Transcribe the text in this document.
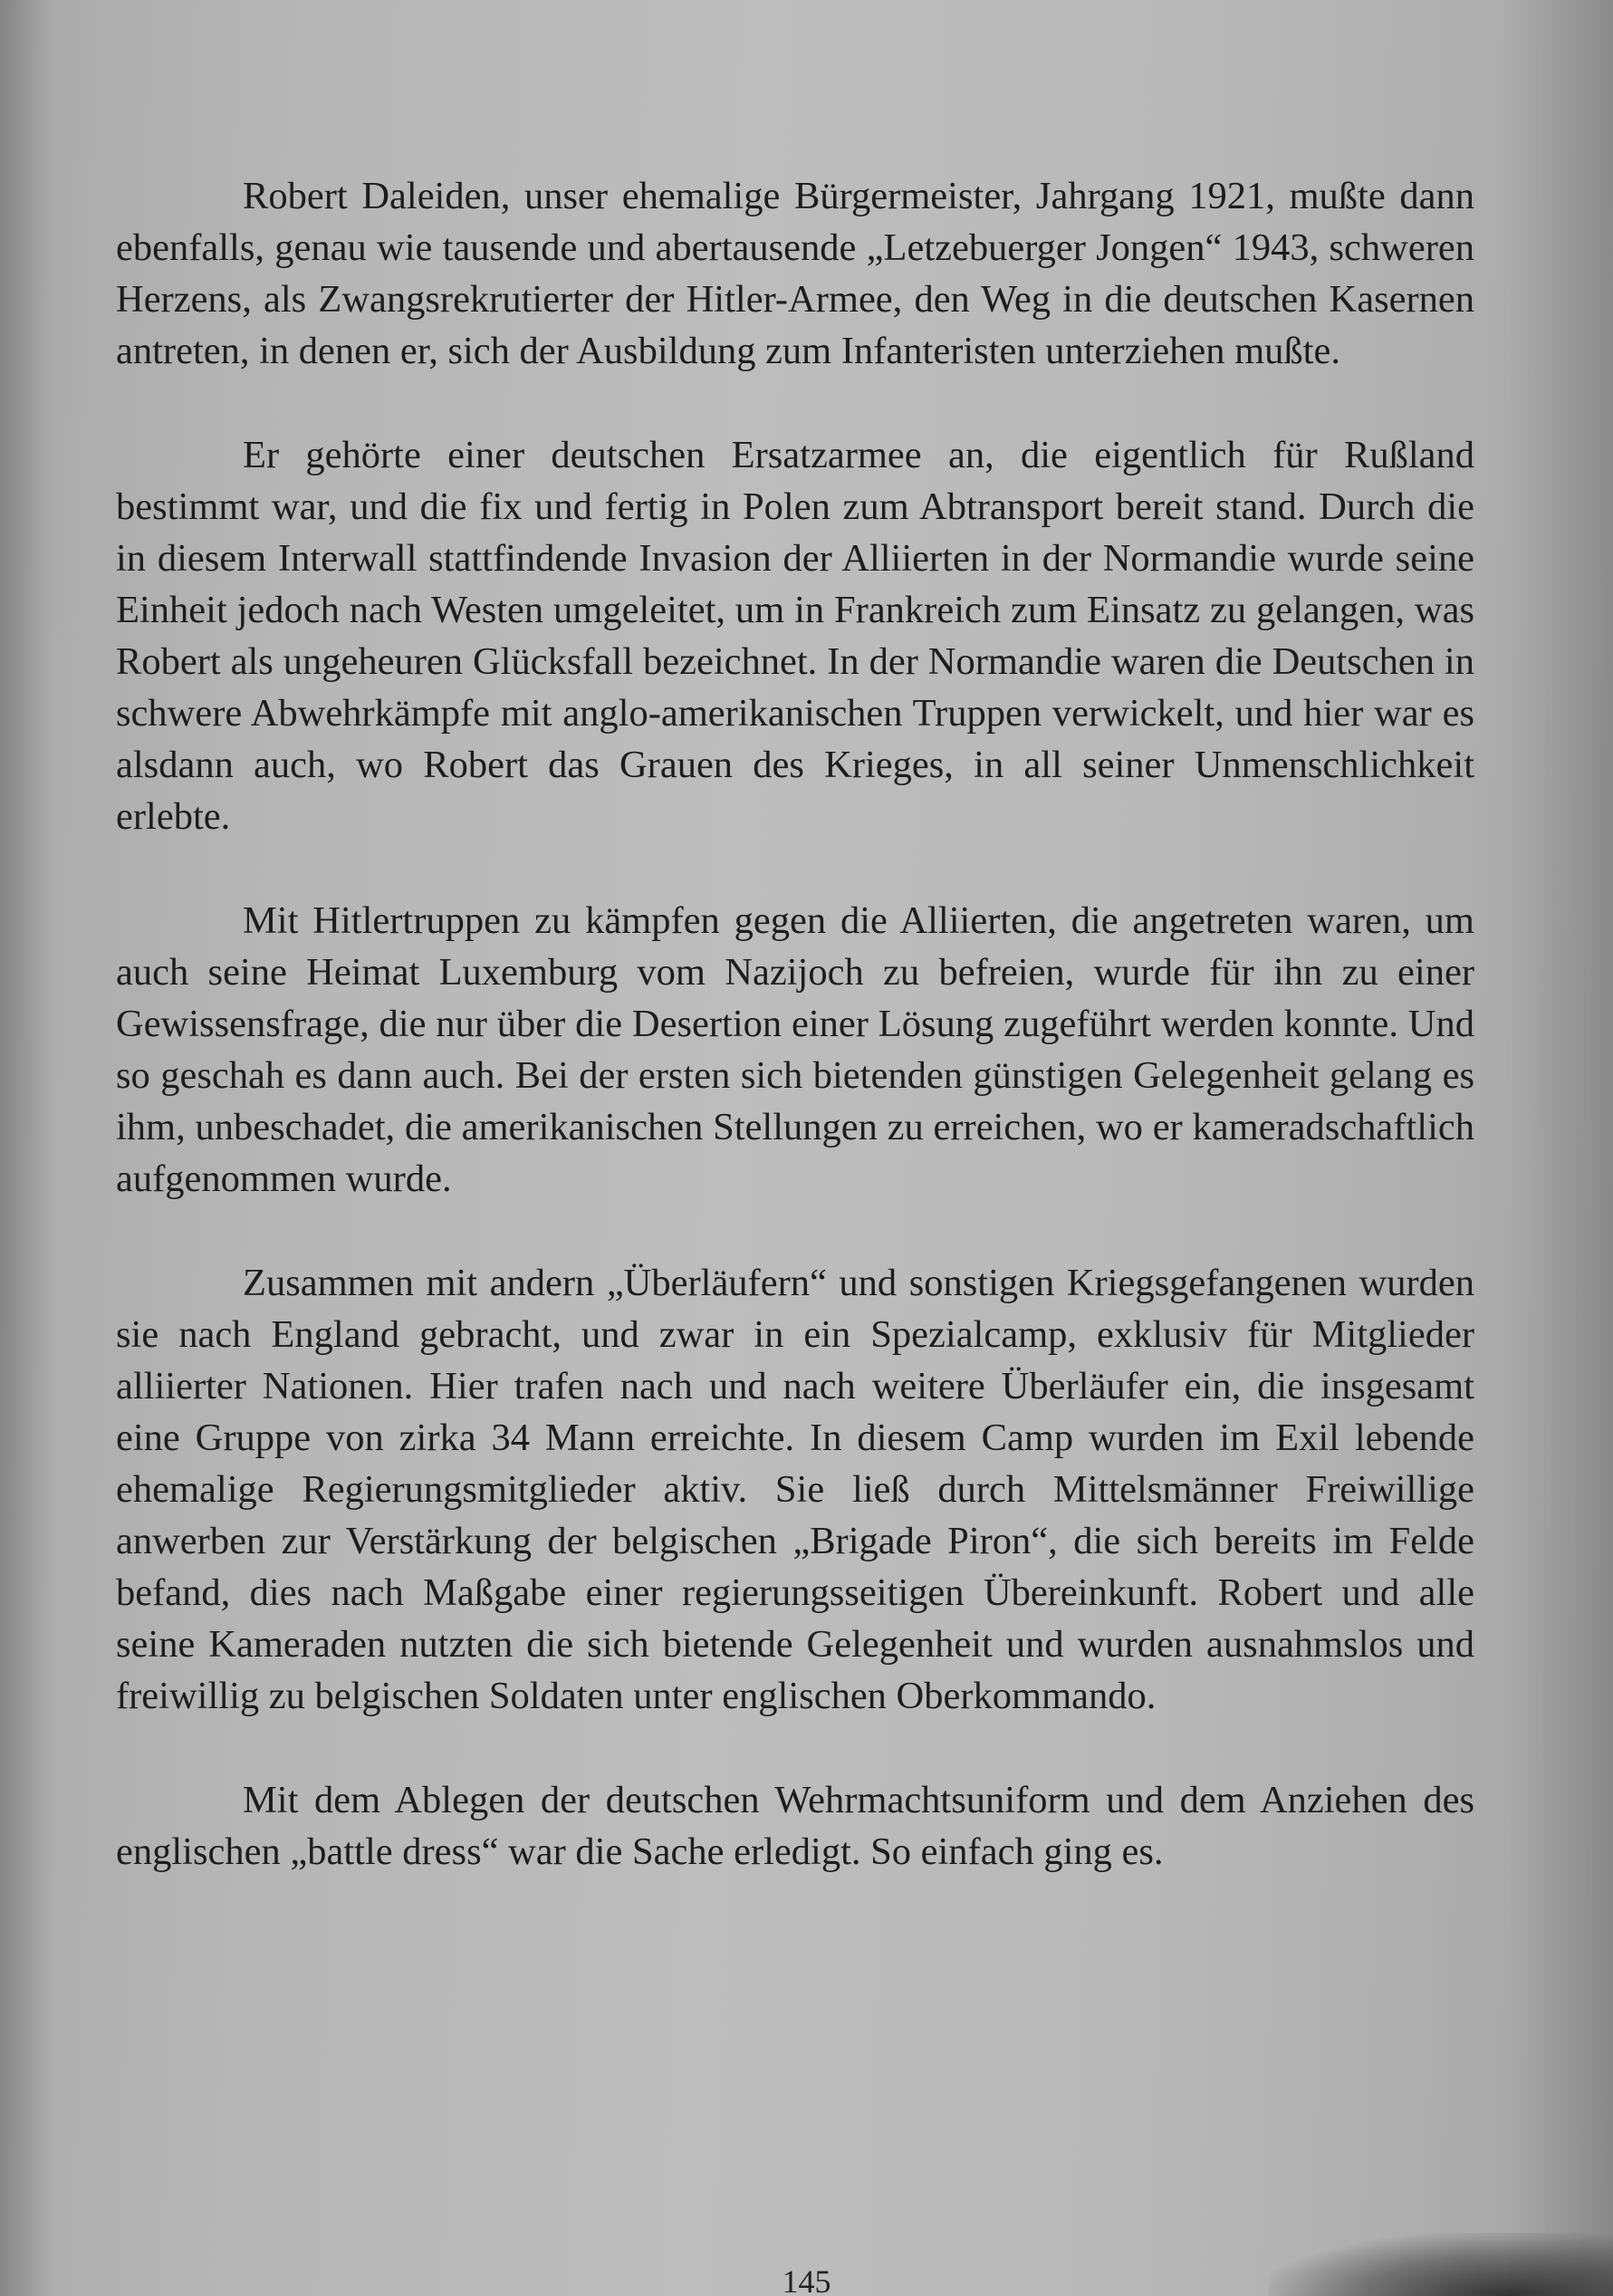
Robert Daleiden, unser ehemalige Bürgermeister, Jahrgang 1921, mußte dann ebenfalls, genau wie tausende und abertausende „Letzebuerger Jongen“ 1943, schweren Herzens, als Zwangsrekrutierter der Hitler-Armee, den Weg in die deutschen Kasernen antreten, in denen er, sich der Ausbildung zum Infanteristen unterziehen mußte.

Er gehörte einer deutschen Ersatzarmee an, die eigentlich für Rußland bestimmt war, und die fix und fertig in Polen zum Abtransport bereit stand. Durch die in diesem Interwall stattfindende Invasion der Alliierten in der Normandie wurde seine Einheit jedoch nach Westen umgeleitet, um in Frankreich zum Einsatz zu gelangen, was Robert als ungeheuren Glücksfall bezeichnet. In der Normandie waren die Deutschen in schwere Abwehrkämpfe mit anglo-amerikanischen Truppen verwickelt, und hier war es alsdann auch, wo Robert das Grauen des Krieges, in all seiner Unmenschlichkeit erlebte.

Mit Hitlertruppen zu kämpfen gegen die Alliierten, die angetreten waren, um auch seine Heimat Luxemburg vom Nazijoch zu befreien, wurde für ihn zu einer Gewissensfrage, die nur über die Desertion einer Lösung zugeführt werden konnte. Und so geschah es dann auch. Bei der ersten sich bietenden günstigen Gelegenheit gelang es ihm, unbeschadet, die amerikanischen Stellungen zu erreichen, wo er kameradschaftlich aufgenommen wurde.

Zusammen mit andern „Überläufern“ und sonstigen Kriegsgefangenen wurden sie nach England gebracht, und zwar in ein Spezialcamp, exklusiv für Mitglieder alliierter Nationen. Hier trafen nach und nach weitere Überläufer ein, die insgesamt eine Gruppe von zirka 34 Mann erreichte. In diesem Camp wurden im Exil lebende ehemalige Regierungsmitglieder aktiv. Sie ließ durch Mittelsmänner Freiwillige anwerben zur Verstärkung der belgischen „Brigade Piron“, die sich bereits im Felde befand, dies nach Maßgabe einer regierungsseitigen Übereinkunft. Robert und alle seine Kameraden nutzten die sich bietende Gelegenheit und wurden ausnahmslos und freiwillig zu belgischen Soldaten unter englischen Oberkommando.

Mit dem Ablegen der deutschen Wehrmachtsuniform und dem Anziehen des englischen „battle dress“ war die Sache erledigt. So einfach ging es.

145
